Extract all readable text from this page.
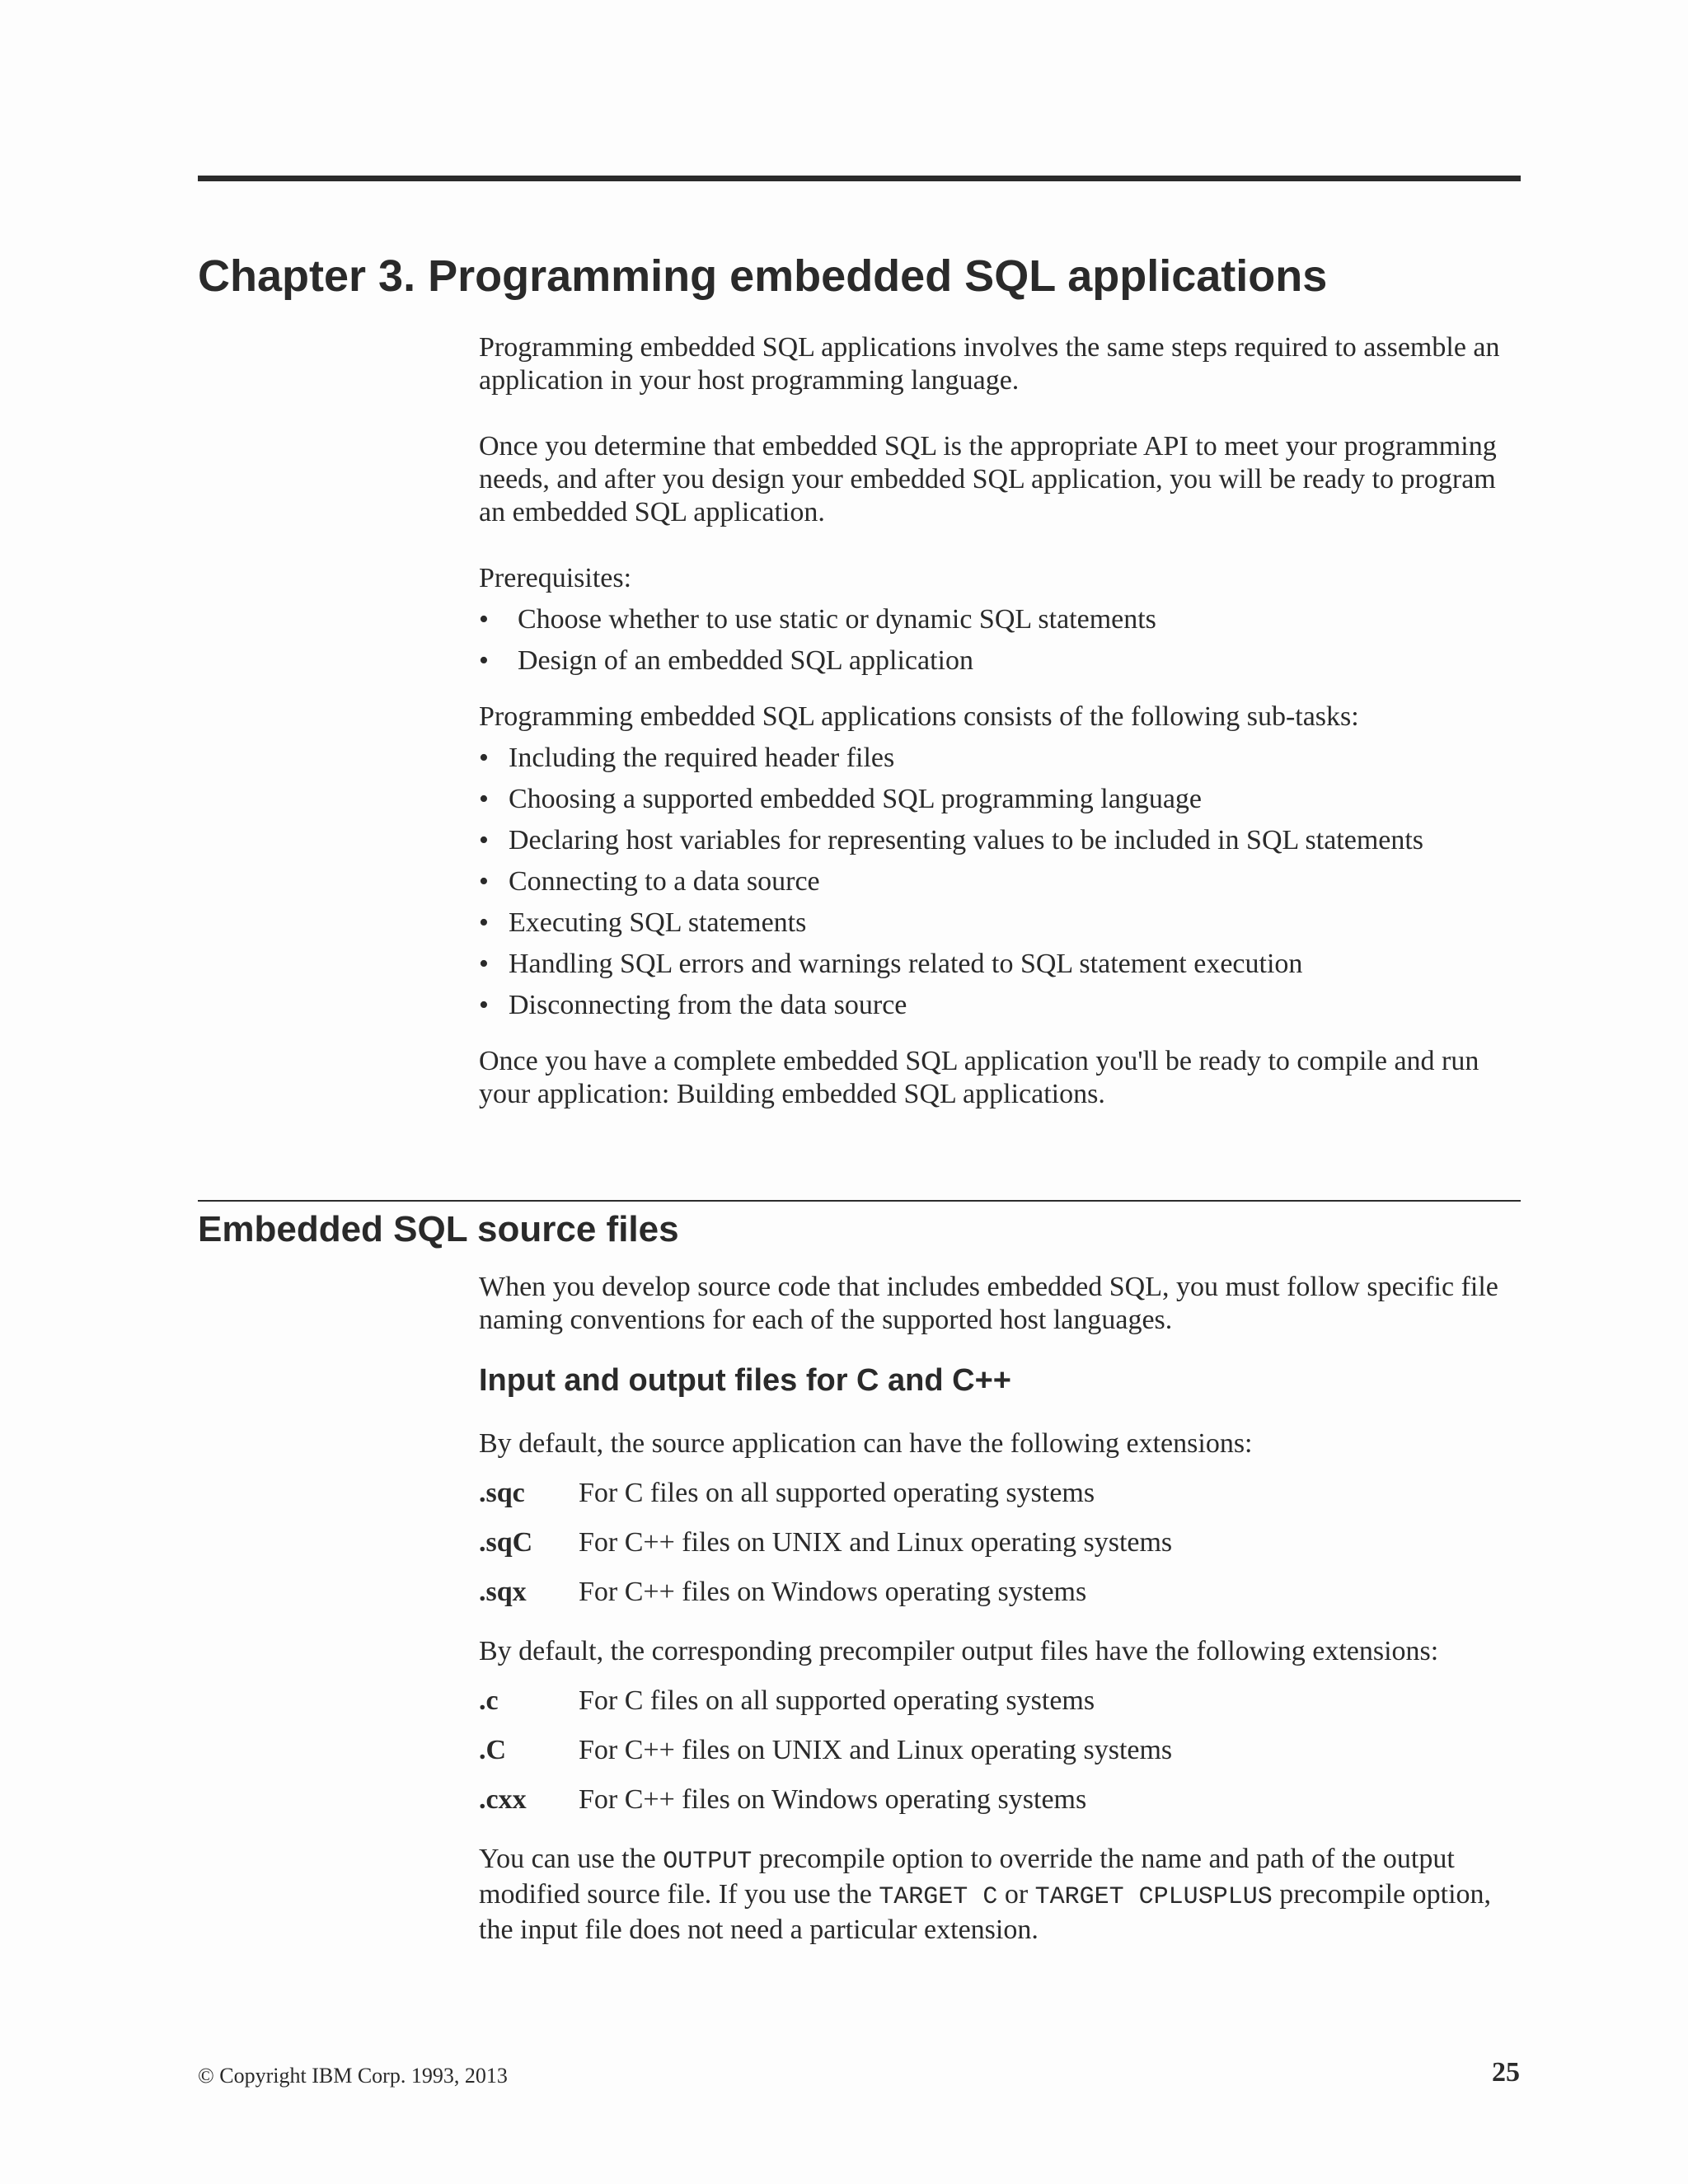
Chapter 3. Programming embedded SQL applications

Programming embedded SQL applications involves the same steps required to assemble an application in your host programming language.

Once you determine that embedded SQL is the appropriate API to meet your programming needs, and after you design your embedded SQL application, you will be ready to program an embedded SQL application.

Prerequisites:

• Choose whether to use static or dynamic SQL statements
• Design of an embedded SQL application

Programming embedded SQL applications consists of the following sub-tasks:

• Including the required header files
• Choosing a supported embedded SQL programming language
• Declaring host variables for representing values to be included in SQL statements
• Connecting to a data source
• Executing SQL statements
• Handling SQL errors and warnings related to SQL statement execution
• Disconnecting from the data source

Once you have a complete embedded SQL application you'll be ready to compile and run your application: Building embedded SQL applications.

Embedded SQL source files

When you develop source code that includes embedded SQL, you must follow specific file naming conventions for each of the supported host languages.

Input and output files for C and C++

By default, the source application can have the following extensions:

.sqc	For C files on all supported operating systems
.sqC	For C++ files on UNIX and Linux operating systems
.sqx	For C++ files on Windows operating systems

By default, the corresponding precompiler output files have the following extensions:

.c	For C files on all supported operating systems
.C	For C++ files on UNIX and Linux operating systems
.cxx	For C++ files on Windows operating systems

You can use the OUTPUT precompile option to override the name and path of the output modified source file. If you use the TARGET C or TARGET CPLUSPLUS precompile option, the input file does not need a particular extension.

© Copyright IBM Corp. 1993, 2013	25
